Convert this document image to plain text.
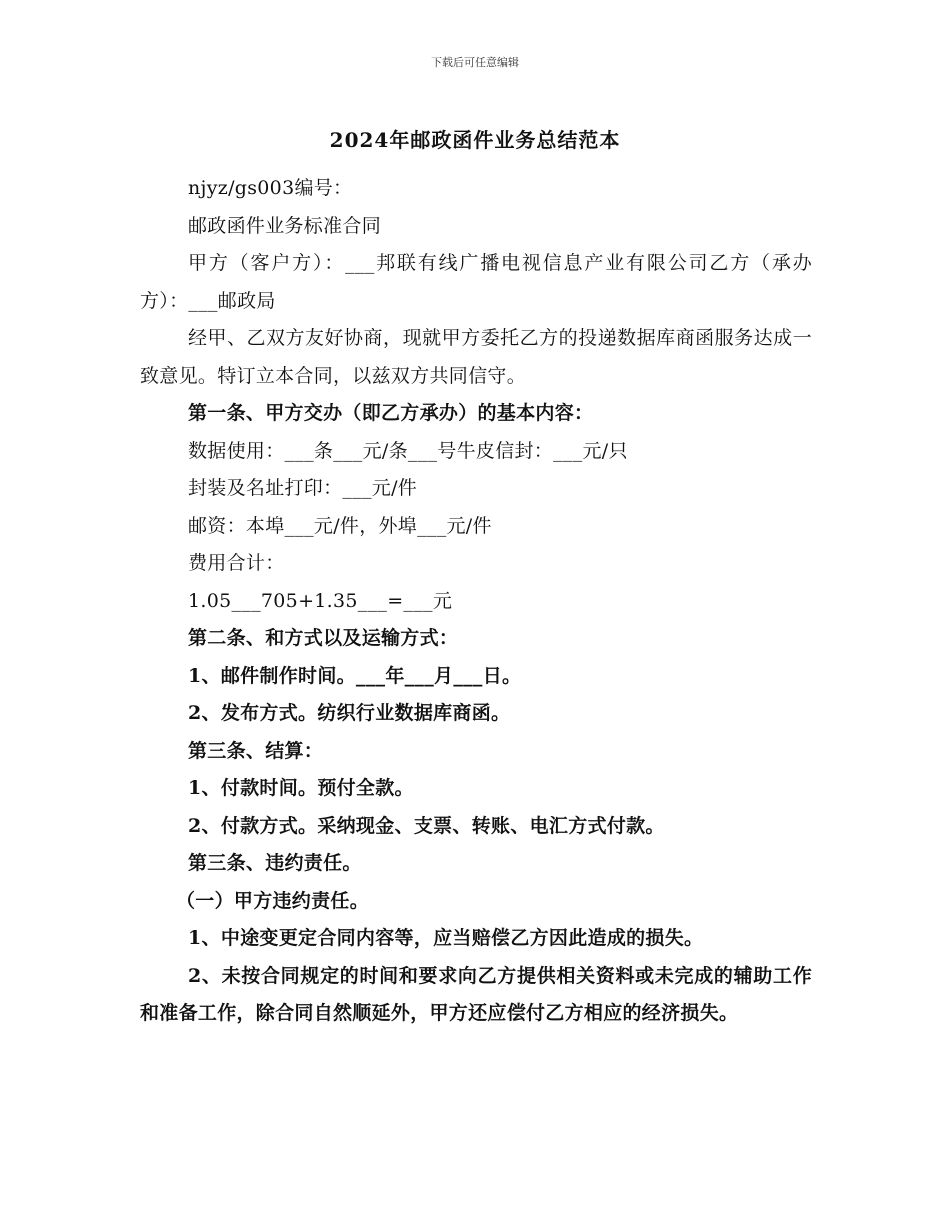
下载后可任意编辑
2024年邮政函件业务总结范本

njyz/gs003编号：

邮政函件业务标准合同

甲方（客户方）：___邦联有线广播电视信息产业有限公司乙方（承办方）：___邮政局

经甲、乙双方友好协商，现就甲方委托乙方的投递数据库商函服务达成一致意见。特订立本合同，以兹双方共同信守。

第一条、甲方交办（即乙方承办）的基本内容：

数据使用：___条___元/条___号牛皮信封：___元/只

封装及名址打印：___元/件

邮资：本埠___元/件，外埠___元/件

费用合计：

1.05___705+1.35___=___元

第二条、和方式以及运输方式：

1、邮件制作时间。___年___月___日。

2、发布方式。纺织行业数据库商函。

第三条、结算：

1、付款时间。预付全款。

2、付款方式。采纳现金、支票、转账、电汇方式付款。

第三条、违约责任。

（一）甲方违约责任。

1、中途变更定合同内容等，应当赔偿乙方因此造成的损失。

2、未按合同规定的时间和要求向乙方提供相关资料或未完成的辅助工作和准备工作，除合同自然顺延外，甲方还应偿付乙方相应的经济损失。
